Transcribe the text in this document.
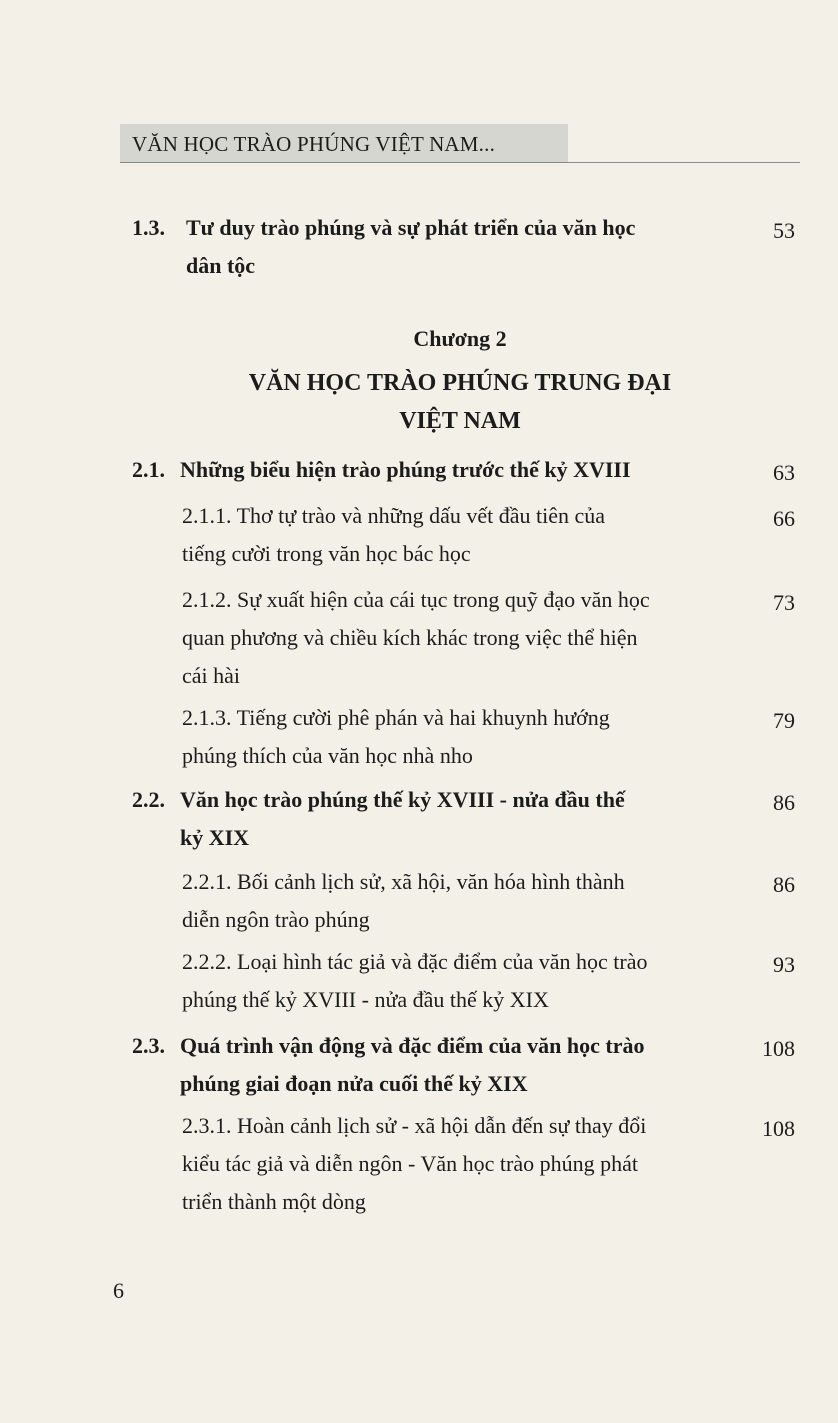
VĂN HỌC TRÀO PHÚNG VIỆT NAM...
1.3. Tư duy trào phúng và sự phát triển của văn học
dân tộc
53
Chương 2
VĂN HỌC TRÀO PHÚNG TRUNG ĐẠI
VIỆT NAM
2.1. Những biểu hiện trào phúng trước thế kỷ XVIII	63
2.1.1. Thơ tự trào và những dấu vết đầu tiên của
tiếng cười trong văn học bác học
66
2.1.2. Sự xuất hiện của cái tục trong quỹ đạo văn học
quan phương và chiều kích khác trong việc thể hiện
cái hài
73
2.1.3. Tiếng cười phê phán và hai khuynh hướng
phúng thích của văn học nhà nho
79
2.2. Văn học trào phúng thế kỷ XVIII - nửa đầu thế
kỷ XIX
86
2.2.1. Bối cảnh lịch sử, xã hội, văn hóa hình thành
diễn ngôn trào phúng
86
2.2.2. Loại hình tác giả và đặc điểm của văn học trào
phúng thế kỷ XVIII - nửa đầu thế kỷ XIX
93
2.3. Quá trình vận động và đặc điểm của văn học trào
phúng giai đoạn nửa cuối thế kỷ XIX
108
2.3.1. Hoàn cảnh lịch sử - xã hội dẫn đến sự thay đổi
kiểu tác giả và diễn ngôn - Văn học trào phúng phát
triển thành một dòng
108
6
